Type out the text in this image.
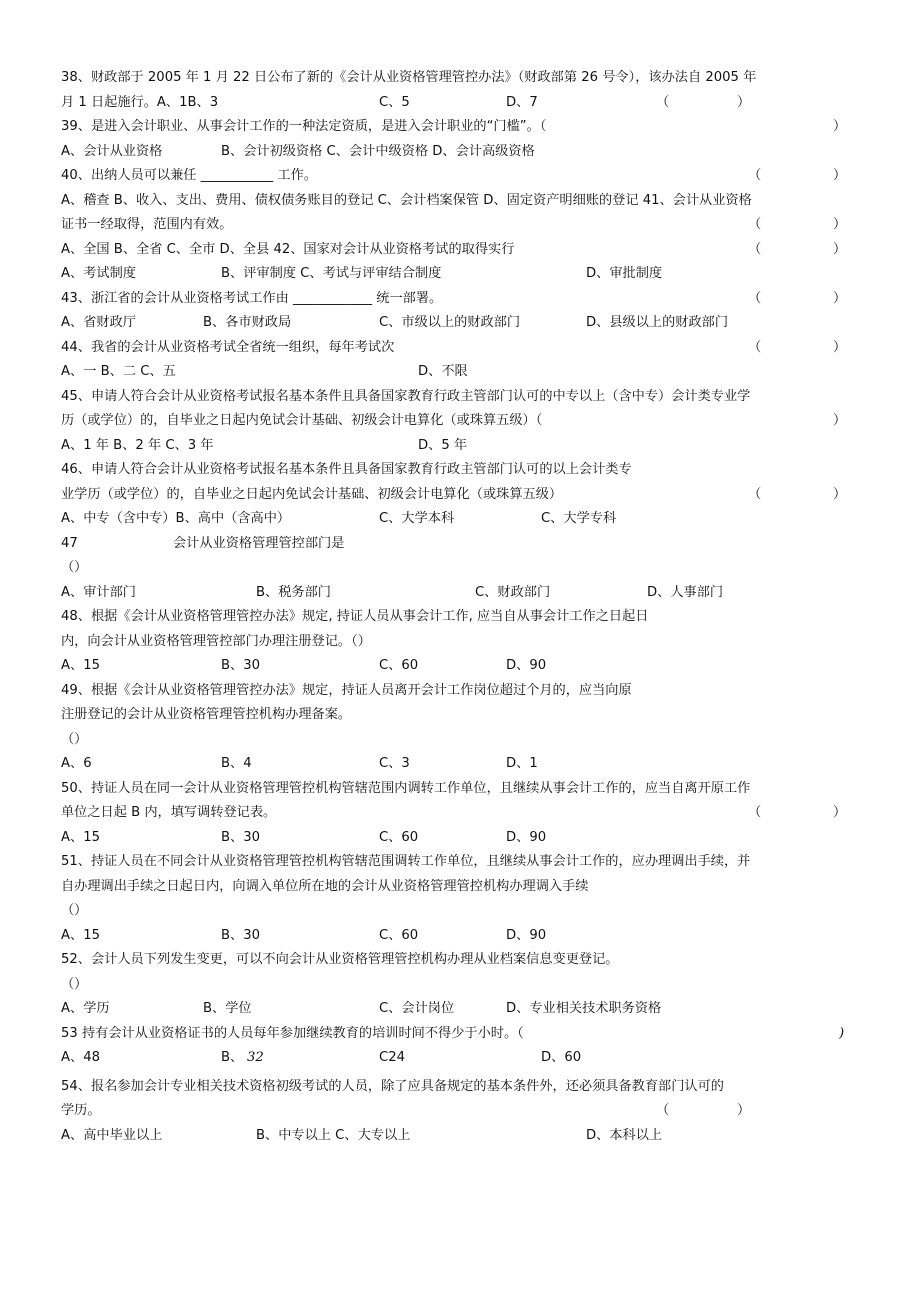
38、财政部于 2005 年 1 月 22 日公布了新的《会计从业资格管理管控办法》（财政部第 26 号令），该办法自 2005 年
月 1 日起施行。A、1B、3	C、5	D、7	（	）
39、是进入会计职业、从事会计工作的一种法定资质，是进入会计职业的“门槛”。（	）
A、会计从业资格	B、会计初级资格 C、会计中级资格 D、会计高级资格
40、出纳人员可以兼任 ___________ 工作。	（	）
A、稽查 B、收入、支出、费用、债权债务账目的登记 C、会计档案保管 D、固定资产明细账的登记 41、会计从业资格
证书一经取得，范围内有效。	（	）
A、全国 B、全省 C、全市 D、全县 42、国家对会计从业资格考试的取得实行	（	）
A、考试制度	B、评审制度 C、考试与评审结合制度	D、审批制度
43、浙江省的会计从业资格考试工作由 ____________ 统一部署。	（	）
A、省财政厅	B、各市财政局	C、市级以上的财政部门	D、县级以上的财政部门
44、我省的会计从业资格考试全省统一组织，每年考试次	（	）
A、一 B、二 C、五	D、不限
45、申请人符合会计从业资格考试报名基本条件且具备国家教育行政主管部门认可的中专以上（含中专）会计类专业学
历（或学位）的，自毕业之日起内免试会计基础、初级会计电算化（或珠算五级）（	）
A、1 年 B、2 年 C、3 年	D、5 年
46、申请人符合会计从业资格考试报名基本条件且具备国家教育行政主管部门认可的以上会计类专
业学历（或学位）的，自毕业之日起内免试会计基础、初级会计电算化（或珠算五级）	（	）
A、中专（含中专）B、高中（含高中）	C、大学本科	C、大学专科
47	会计从业资格管理管控部门是
（）
A、审计部门	B、税务部门	C、财政部门	D、人事部门
48、根据《会计从业资格管理管控办法》规定, 持证人员从事会计工作, 应当自从事会计工作之日起日
内，向会计从业资格管理管控部门办理注册登记。（）
A、15	B、30	C、60	D、90
49、根据《会计从业资格管理管控办法》规定，持证人员离开会计工作岗位超过个月的，应当向原
注册登记的会计从业资格管理管控机构办理备案。
（）
A、6	B、4	C、3	D、1
50、持证人员在同一会计从业资格管理管控机构管辖范围内调转工作单位，且继续从事会计工作的，应当自离开原工作
单位之日起 B 内，填写调转登记表。	（	）
A、15	B、30	C、60	D、90
51、持证人员在不同会计从业资格管理管控机构管辖范围调转工作单位，且继续从事会计工作的，应办理调出手续，并
自办理调出手续之日起日内，向调入单位所在地的会计从业资格管理管控机构办理调入手续
（）
A、15	B、30	C、60	D、90
52、会计人员下列发生变更，可以不向会计从业资格管理管控机构办理从业档案信息变更登记。
（）
A、学历	B、学位	C、会计岗位	D、专业相关技术职务资格
53 持有会计从业资格证书的人员每年参加继续教育的培训时间不得少于小时。（	)
A、48	B、 32	C24	D、60
54、报名参加会计专业相关技术资格初级考试的人员，除了应具备规定的基本条件外，还必须具备教育部门认可的
学历。	（	）
A、高中毕业以上	B、中专以上 C、大专以上	D、本科以上
